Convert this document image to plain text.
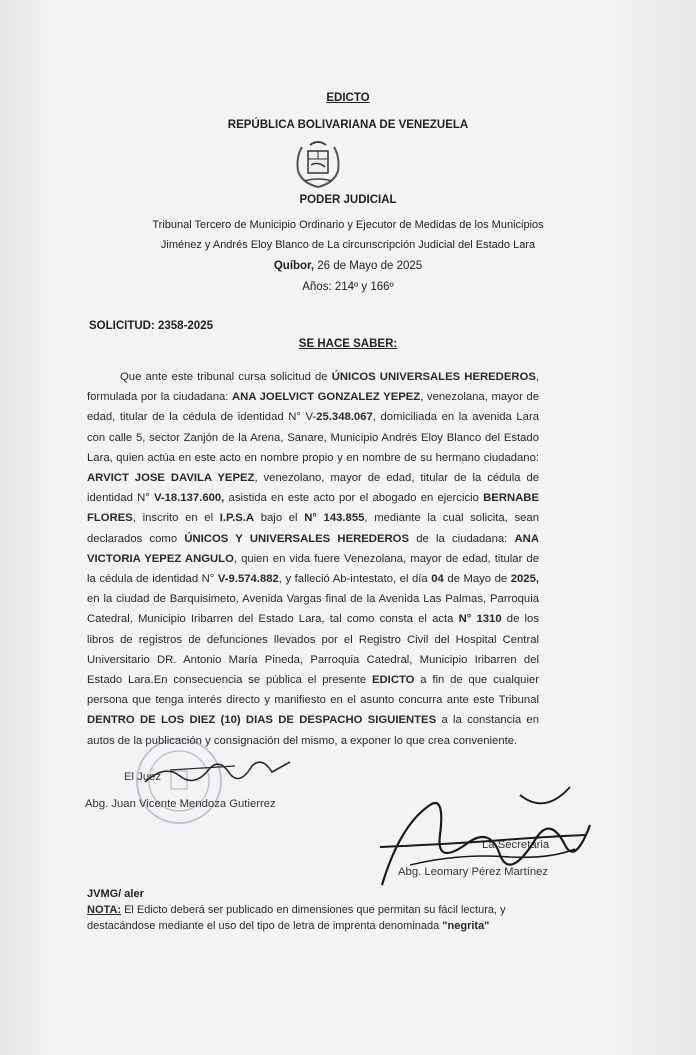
EDICTO
REPÚBLICA BOLIVARIANA DE VENEZUELA
PODER JUDICIAL
Tribunal Tercero de Municipio Ordinario y Ejecutor de Medidas de los Municipios
Jiménez y Andrés Eloy Blanco de La circunscripción Judicial del Estado Lara
Quíbor, 26 de Mayo de 2025
Años: 214º y 166º
SOLICITUD: 2358-2025
SE HACE SABER:

Que ante este tribunal cursa solicitud de ÚNICOS UNIVERSALES HEREDEROS, formulada por la ciudadana: ANA JOELVICT GONZALEZ YEPEZ, venezolana, mayor de edad, titular de la cédula de identidad N° V-25.348.067, domiciliada en la avenida Lara con calle 5, sector Zanjón de la Arena, Sanare, Municipio Andrés Eloy Blanco del Estado Lara, quien actúa en este acto en nombre propio y en nombre de su hermano ciudadano: ARVICT JOSE DAVILA YEPEZ, venezolano, mayor de edad, titular de la cédula de identidad N° V-18.137.600, asistida en este acto por el abogado en ejercicio BERNABE FLORES, inscrito en el I.P.S.A bajo el N° 143.855, mediante la cual solicita, sean declarados como ÚNICOS Y UNIVERSALES HEREDEROS de la ciudadana: ANA VICTORIA YEPEZ ANGULO, quien en vida fuere Venezolana, mayor de edad, titular de la cédula de identidad N° V-9.574.882, y falleció Ab-intestato, el día 04 de Mayo de 2025, en la ciudad de Barquisimeto, Avenida Vargas final de la Avenida Las Palmas, Parroquia Catedral, Municipio Iribarren del Estado Lara, tal como consta el acta N° 1310 de los libros de registros de defunciones llevados por el Registro Civil del Hospital Central Universitario DR. Antonio María Pineda, Parroquia Catedral, Municipio Iribarren del Estado Lara.En consecuencia se pública el presente EDICTO a fin de que cualquier persona que tenga interés directo y manifiesto en el asunto concurra ante este Tribunal DENTRO DE LOS DIEZ (10) DIAS DE DESPACHO SIGUIENTES a la constancia en autos de la publicación y consignación del mismo, a exponer lo que crea conveniente.

El Juez
Abg. Juan Vicente Mendoza Gutierrez
La Secretaria
Abg. Leomary Pérez Martínez
JVMG/ aler
NOTA: El Edicto deberá ser publicado en dimensiones que permitan su fácil lectura, y destacándose mediante el uso del tipo de letra de imprenta denominada "negrita"
